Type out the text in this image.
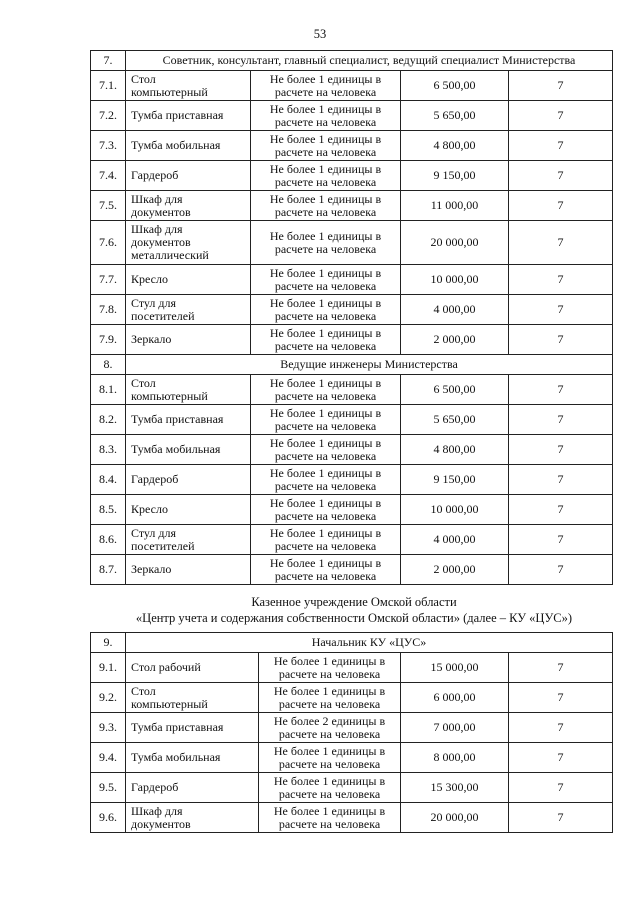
53
7.	Советник, консультант, главный специалист, ведущий специалист Министерства			
7.1.	Стол
компьютерный	Не более 1 единицы в
расчете на человека	6 500,00	7
7.2.	Тумба приставная	Не более 1 единицы в
расчете на человека	5 650,00	7
7.3.	Тумба мобильная	Не более 1 единицы в
расчете на человека	4 800,00	7
7.4.	Гардероб	Не более 1 единицы в
расчете на человека	9 150,00	7
7.5.	Шкаф для
документов	Не более 1 единицы в
расчете на человека	11 000,00	7
7.6.	Шкаф для
документов
металлический	Не более 1 единицы в
расчете на человека	20 000,00	7
7.7.	Кресло	Не более 1 единицы в
расчете на человека	10 000,00	7
7.8.	Стул для
посетителей	Не более 1 единицы в
расчете на человека	4 000,00	7
7.9.	Зеркало	Не более 1 единицы в
расчете на человека	2 000,00	7
8.	Ведущие инженеры Министерства			
8.1.	Стол
компьютерный	Не более 1 единицы в
расчете на человека	6 500,00	7
8.2.	Тумба приставная	Не более 1 единицы в
расчете на человека	5 650,00	7
8.3.	Тумба мобильная	Не более 1 единицы в
расчете на человека	4 800,00	7
8.4.	Гардероб	Не более 1 единицы в
расчете на человека	9 150,00	7
8.5.	Кресло	Не более 1 единицы в
расчете на человека	10 000,00	7
8.6.	Стул для
посетителей	Не более 1 единицы в
расчете на человека	4 000,00	7
8.7.	Зеркало	Не более 1 единицы в
расчете на человека	2 000,00	7
Казенное учреждение Омской области
«Центр учета и содержания собственности Омской области» (далее – КУ «ЦУС»)
9.	Начальник КУ «ЦУС»			
9.1.	Стол рабочий	Не более 1 единицы в
расчете на человека	15 000,00	7
9.2.	Стол
компьютерный	Не более 1 единицы в
расчете на человека	6 000,00	7
9.3.	Тумба приставная	Не более 2 единицы в
расчете на человека	7 000,00	7
9.4.	Тумба мобильная	Не более 1 единицы в
расчете на человека	8 000,00	7
9.5.	Гардероб	Не более 1 единицы в
расчете на человека	15 300,00	7
9.6.	Шкаф для
документов	Не более 1 единицы в
расчете на человека	20 000,00	7
